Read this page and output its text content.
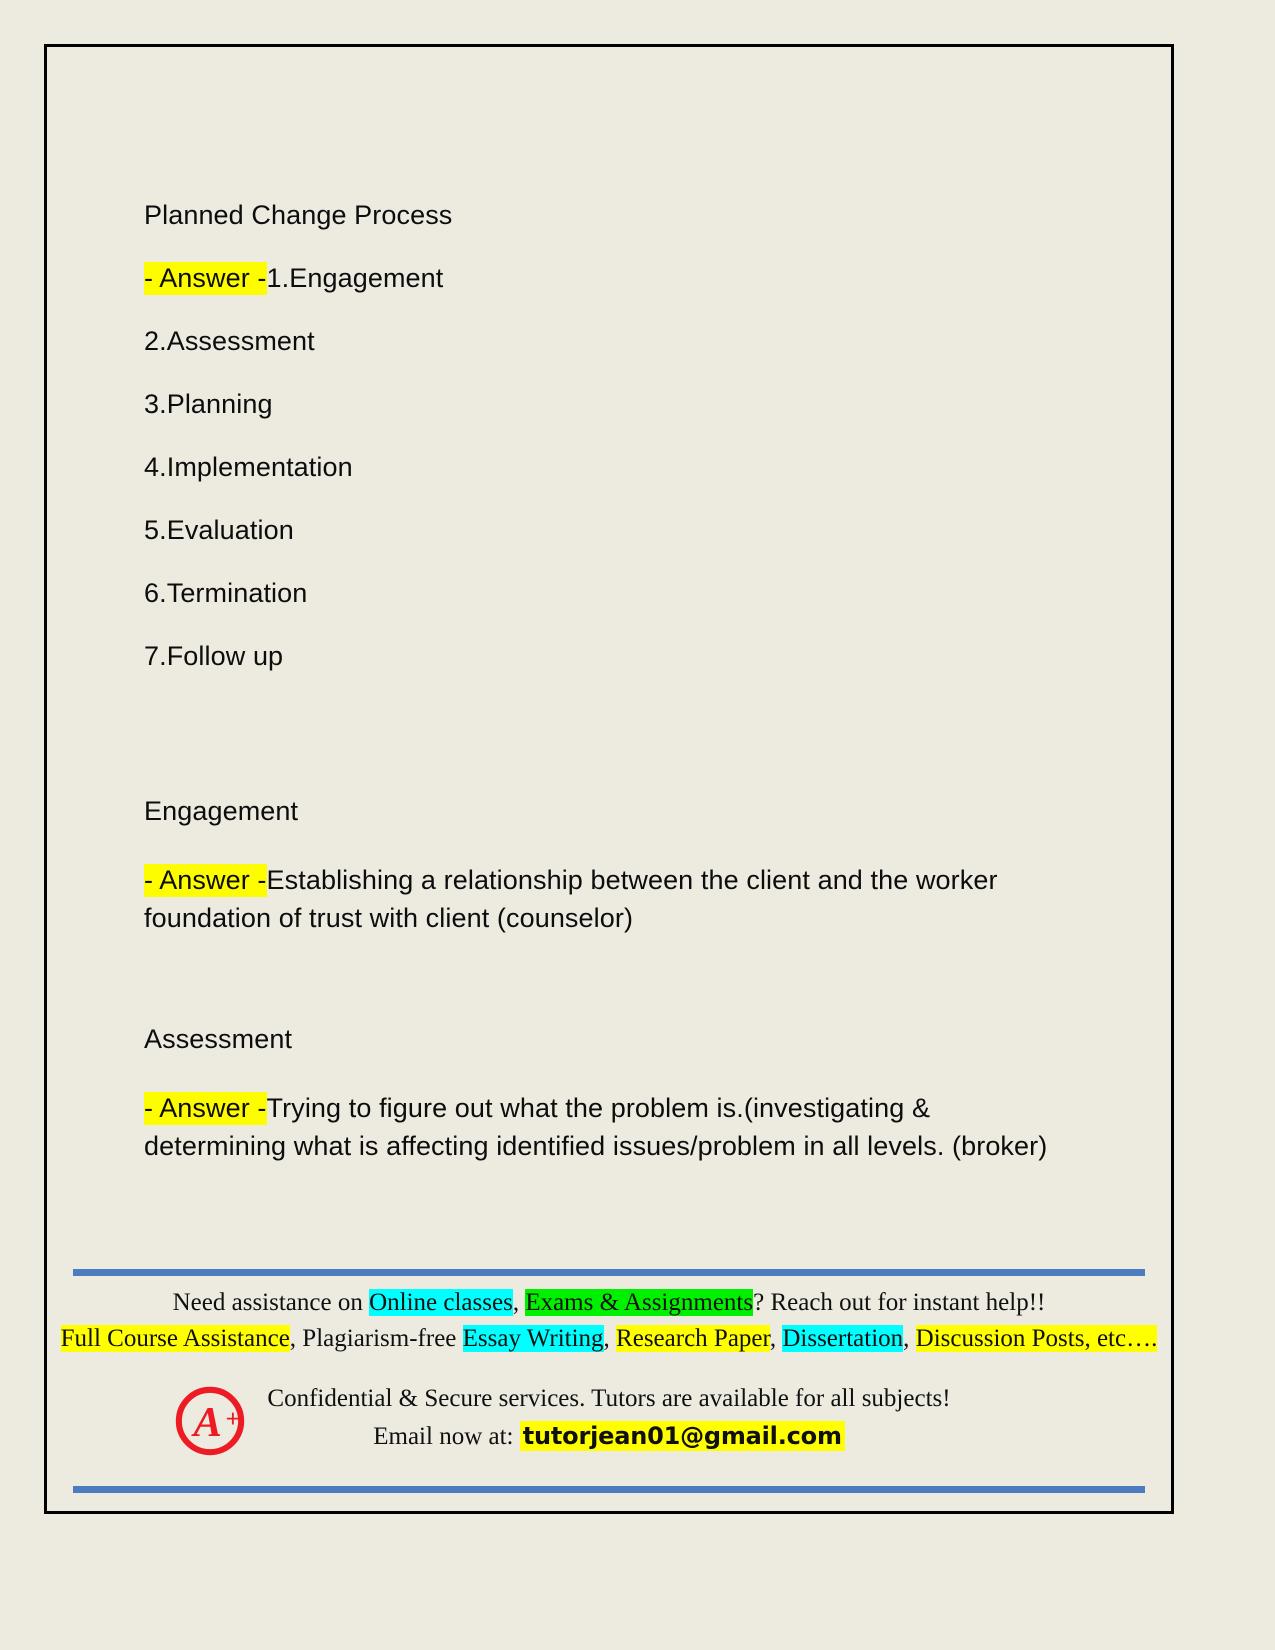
Planned Change Process

- Answer -1.Engagement

2.Assessment

3.Planning

4.Implementation

5.Evaluation

6.Termination

7.Follow up

Engagement

- Answer -Establishing a relationship between the client and the worker foundation of trust with client (counselor)

Assessment

- Answer -Trying to figure out what the problem is.(investigating & determining what is affecting identified issues/problem in all levels. (broker)

Need assistance on Online classes, Exams & Assignments? Reach out for instant help!!
Full Course Assistance, Plagiarism-free Essay Writing, Research Paper, Dissertation, Discussion Posts, etc….
A +
Confidential & Secure services. Tutors are available for all subjects!
Email now at: tutorjean01@gmail.com
